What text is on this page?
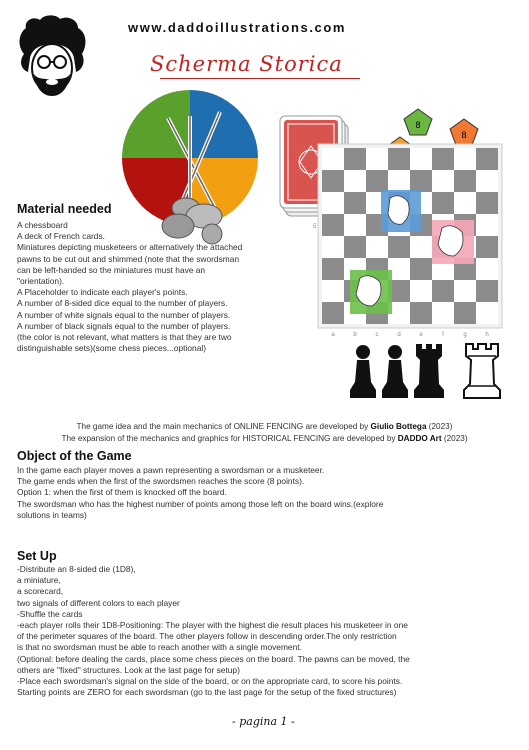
www.daddoillustrations.com
Scherma Storica
8
8
5
a	b	c	d	e	f	g	h
Material needed
A chessboard
A deck of French cards.
Miniatures depicting musketeers or alternatively the attached
pawns to be cut out and shimmed (note that the swordsman
can be left-handed so the miniatures must have an
"orientation).
A Placeholder to indicate each player's points.
A number of 8-sided dice equal to the number of players.
A number of white signals equal to the number of players.
A number of black signals equal to the number of players.
(the color is not relevant, what matters is that they are two
distinguishable sets)(some chess pieces...optional)
The game idea and the main mechanics of ONLINE FENCING are developed by Giulio Bottega (2023)
The expansion of the mechanics and graphics for HISTORICAL FENCING are developed by DADDO Art (2023)
Object of the Game
In the game each player moves a pawn representing a swordsman or a musketeer.
The game ends when the first of the swordsmen reaches the score (8 points).
Option 1: when the first of them is knocked off the board.
The swordsman who has the highest number of points among those left on the board wins.(explore
solutions in teams)
Set Up
-Distribute an 8-sided die (1D8),
a miniature,
a scorecard,
two signals of different colors to each player
-Shuffle the cards
-each player rolls their 1D8-Positioning: The player with the highest die result places his musketeer in one
of the perimeter squares of the board. The other players follow in descending order.The only restriction
is that no swordsman must be able to reach another with a single movement.
(Optional: before dealing the cards, place some chess pieces on the board. The pawns can be moved, the
others are "fixed" structures. Look at the last page for setup)
-Place each swordsman's signal on the side of the board, or on the appropriate card, to score his points.
Starting points are ZERO for each swordsman (go to the last page for the setup of the fixed structures)
- pagina 1 -
